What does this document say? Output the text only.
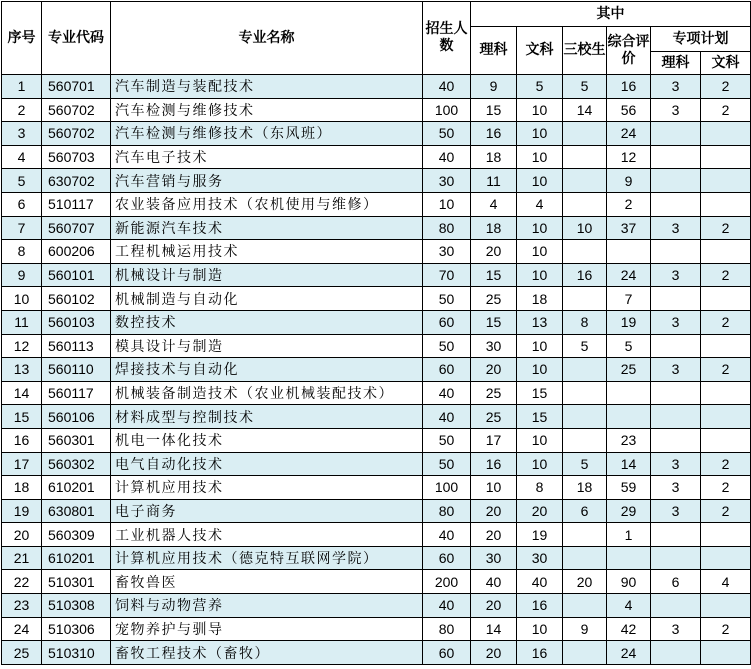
序号	专业代码	专业名称	招生人数	其中					
				理科	文科	三校生	综合评价	专项计划	
								理科	文科
1	560701	汽车制造与装配技术	40	9	5	5	16	3	2
2	560702	汽车检测与维修技术	100	15	10	14	56	3	2
3	560702	汽车检测与维修技术（东风班）	50	16	10		24		
4	560703	汽车电子技术	40	18	10		12		
5	630702	汽车营销与服务	30	11	10		9		
6	510117	农业装备应用技术（农机使用与维修）	10	4	4		2		
7	560707	新能源汽车技术	80	18	10	10	37	3	2
8	600206	工程机械运用技术	30	20	10				
9	560101	机械设计与制造	70	15	10	16	24	3	2
10	560102	机械制造与自动化	50	25	18		7		
11	560103	数控技术	60	15	13	8	19	3	2
12	560113	模具设计与制造	50	30	10	5	5		
13	560110	焊接技术与自动化	60	20	10		25	3	2
14	560117	机械装备制造技术（农业机械装配技术）	40	25	15				
15	560106	材料成型与控制技术	40	25	15				
16	560301	机电一体化技术	50	17	10		23		
17	560302	电气自动化技术	50	16	10	5	14	3	2
18	610201	计算机应用技术	100	10	8	18	59	3	2
19	630801	电子商务	80	20	20	6	29	3	2
20	560309	工业机器人技术	40	20	19		1		
21	610201	计算机应用技术（德克特互联网学院）	60	30	30				
22	510301	畜牧兽医	200	40	40	20	90	6	4
23	510308	饲料与动物营养	40	20	16		4		
24	510306	宠物养护与驯导	80	14	10	9	42	3	2
25	510310	畜牧工程技术（畜牧）	60	20	16		24		
